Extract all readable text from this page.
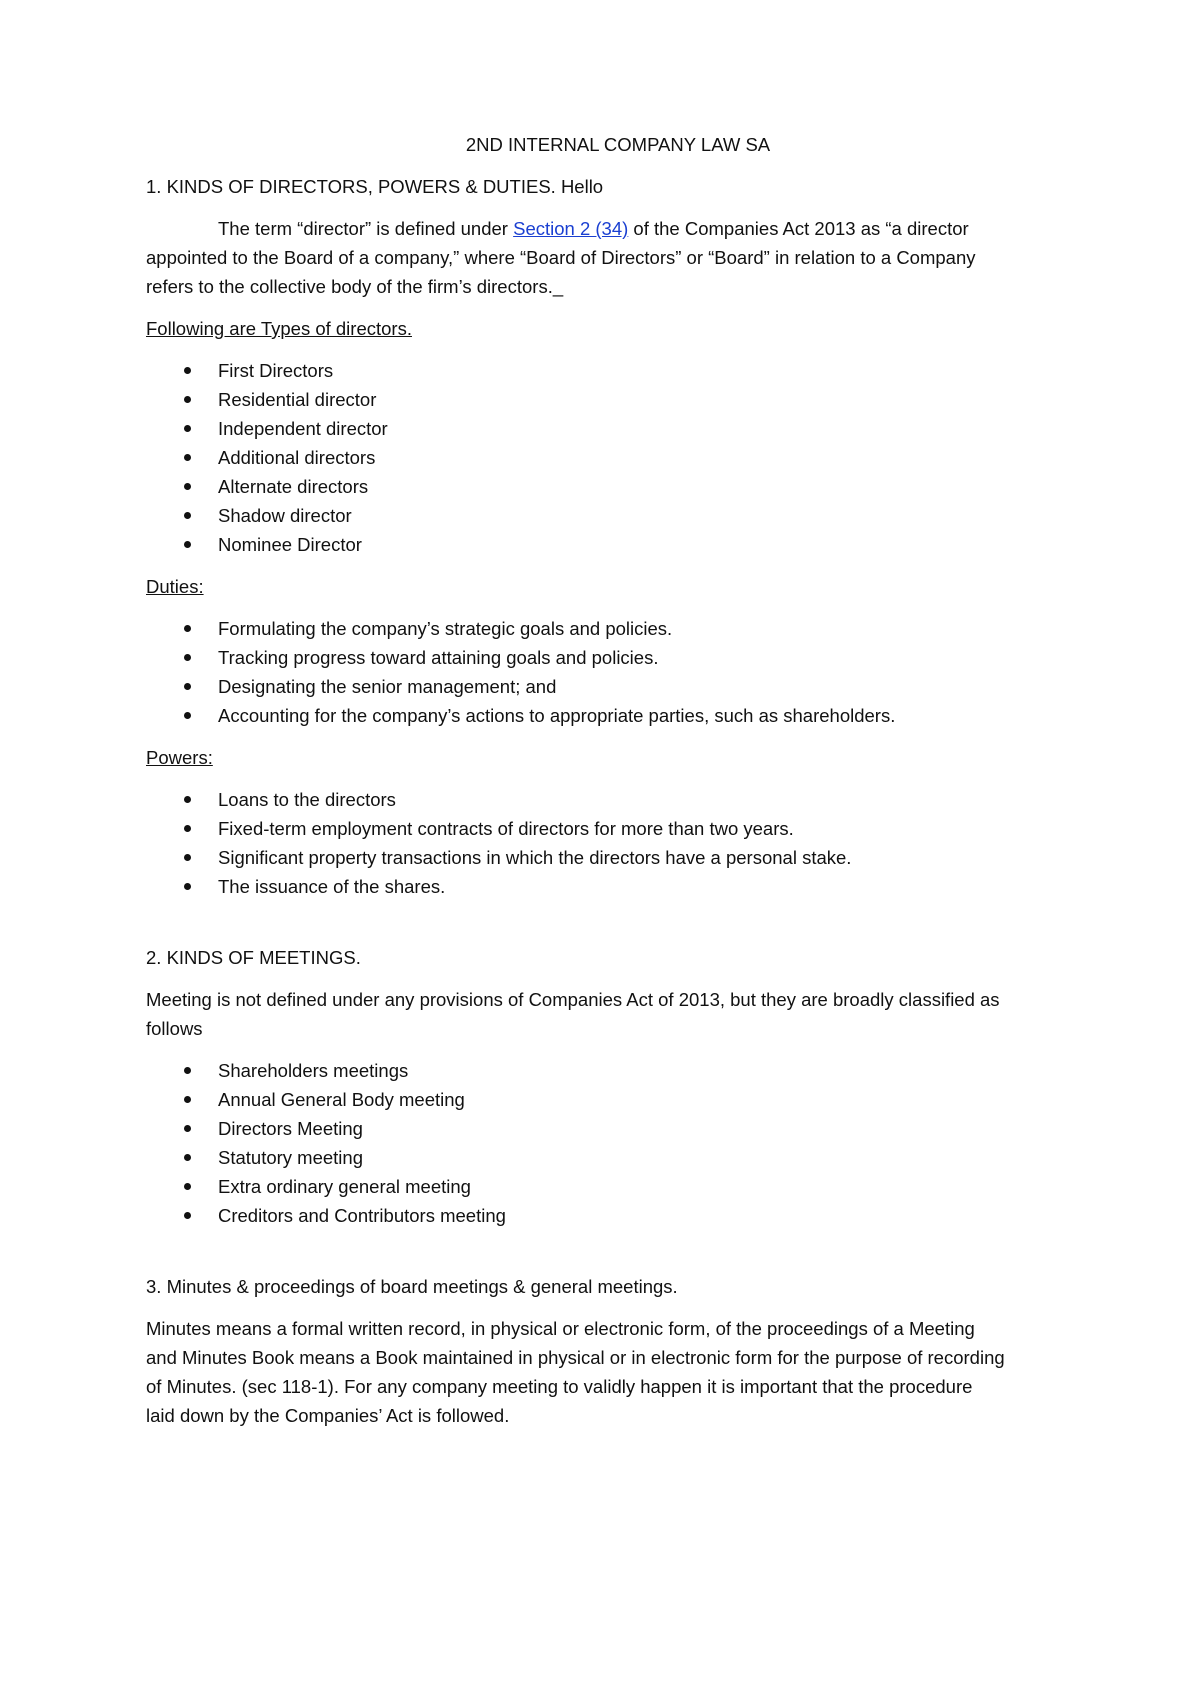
2ND INTERNAL COMPANY LAW SA

1. KINDS OF DIRECTORS, POWERS & DUTIES. Hello

The term “director” is defined under Section 2 (34) of the Companies Act 2013 as “a director appointed to the Board of a company,” where “Board of Directors” or “Board” in relation to a Company refers to the collective body of the firm’s directors._

Following are Types of directors.

First Directors
Residential director
Independent director
Additional directors
Alternate directors
Shadow director
Nominee Director

Duties:

Formulating the company’s strategic goals and policies.
Tracking progress toward attaining goals and policies.
Designating the senior management; and
Accounting for the company’s actions to appropriate parties, such as shareholders.

Powers:

Loans to the directors
Fixed-term employment contracts of directors for more than two years.
Significant property transactions in which the directors have a personal stake.
The issuance of the shares.

2. KINDS OF MEETINGS.

Meeting is not defined under any provisions of Companies Act of 2013, but they are broadly classified as follows

Shareholders meetings
Annual General Body meeting
Directors Meeting
Statutory meeting
Extra ordinary general meeting
Creditors and Contributors meeting

3. Minutes & proceedings of board meetings & general meetings.

Minutes means a formal written record, in physical or electronic form, of the proceedings of a Meeting and Minutes Book means a Book maintained in physical or in electronic form for the purpose of recording of Minutes. (sec 118-1). For any company meeting to validly happen it is important that the procedure laid down by the Companies’ Act is followed.
